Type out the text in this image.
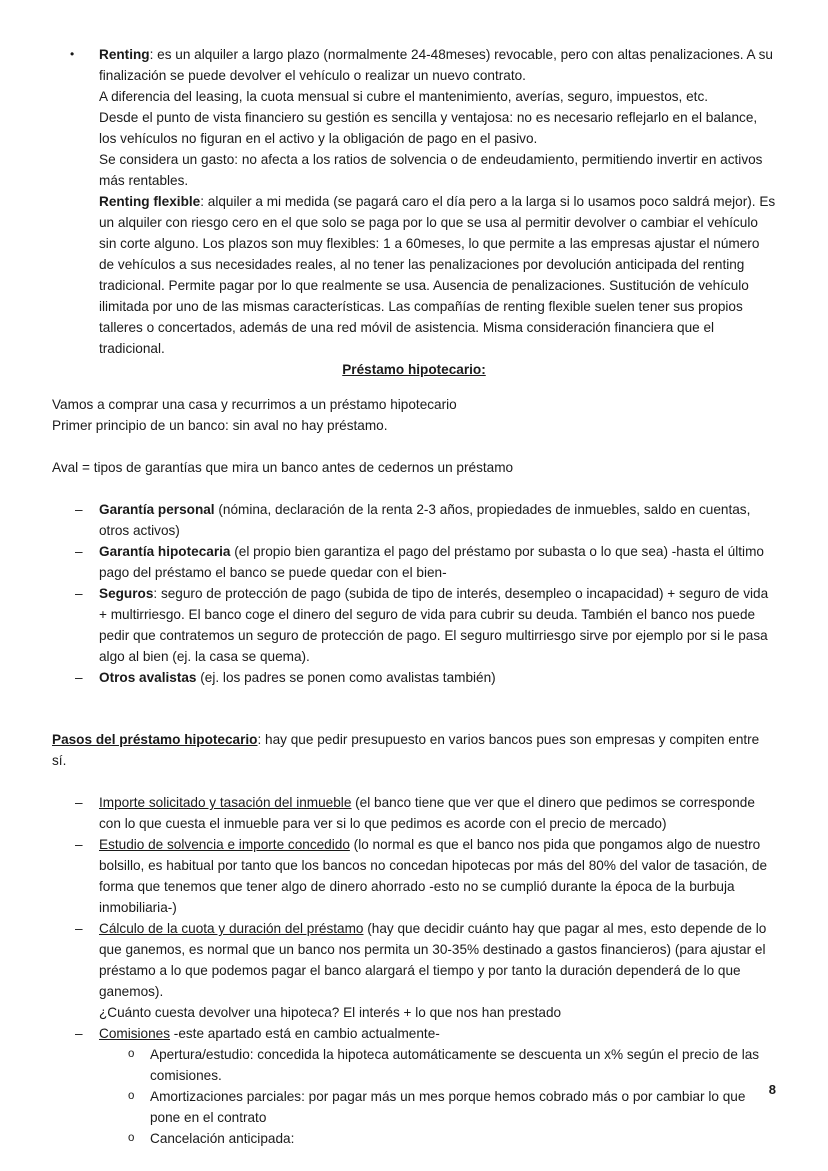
•	Renting: es un alquiler a largo plazo (normalmente 24-48meses) revocable, pero con altas penalizaciones. A su finalización se puede devolver el vehículo o realizar un nuevo contrato.
A diferencia del leasing, la cuota mensual si cubre el mantenimiento, averías, seguro, impuestos, etc.
Desde el punto de vista financiero su gestión es sencilla y ventajosa: no es necesario reflejarlo en el balance, los vehículos no figuran en el activo y la obligación de pago en el pasivo.
Se considera un gasto: no afecta a los ratios de solvencia o de endeudamiento, permitiendo invertir en activos más rentables.
Renting flexible: alquiler a mi medida (se pagará caro el día pero a la larga si lo usamos poco saldrá mejor). Es un alquiler con riesgo cero en el que solo se paga por lo que se usa al permitir devolver o cambiar el vehículo sin corte alguno. Los plazos son muy flexibles: 1 a 60meses, lo que permite a las empresas ajustar el número de vehículos a sus necesidades reales, al no tener las penalizaciones por devolución anticipada del renting tradicional. Permite pagar por lo que realmente se usa. Ausencia de penalizaciones. Sustitución de vehículo ilimitada por uno de las mismas características. Las compañías de renting flexible suelen tener sus propios talleres o concertados, además de una red móvil de asistencia. Misma consideración financiera que el tradicional.
Préstamo hipotecario:
Vamos a comprar una casa y recurrimos a un préstamo hipotecario
Primer principio de un banco: sin aval no hay préstamo.
Aval = tipos de garantías que mira un banco antes de cedernos un préstamo
–	Garantía personal (nómina, declaración de la renta 2-3 años, propiedades de inmuebles, saldo en cuentas, otros activos)
–	Garantía hipotecaria (el propio bien garantiza el pago del préstamo por subasta o lo que sea) -hasta el último pago del préstamo el banco se puede quedar con el bien-
–	Seguros: seguro de protección de pago (subida de tipo de interés, desempleo o incapacidad) + seguro de vida + multirriesgo. El banco coge el dinero del seguro de vida para cubrir su deuda. También el banco nos puede pedir que contratemos un seguro de protección de pago. El seguro multirriesgo sirve por ejemplo por si le pasa algo al bien (ej. la casa se quema).
–	Otros avalistas (ej. los padres se ponen como avalistas también)
Pasos del préstamo hipotecario: hay que pedir presupuesto en varios bancos pues son empresas y compiten entre sí.
–	Importe solicitado y tasación del inmueble (el banco tiene que ver que el dinero que pedimos se corresponde con lo que cuesta el inmueble para ver si lo que pedimos es acorde con el precio de mercado)
–	Estudio de solvencia e importe concedido (lo normal es que el banco nos pida que pongamos algo de nuestro bolsillo, es habitual por tanto que los bancos no concedan hipotecas por más del 80% del valor de tasación, de forma que tenemos que tener algo de dinero ahorrado -esto no se cumplió durante la época de la burbuja inmobiliaria-)
–	Cálculo de la cuota y duración del préstamo (hay que decidir cuánto hay que pagar al mes, esto depende de lo que ganemos, es normal que un banco nos permita un 30-35% destinado a gastos financieros) (para ajustar el préstamo a lo que podemos pagar el banco alargará el tiempo y por tanto la duración dependerá de lo que ganemos).
¿Cuánto cuesta devolver una hipoteca? El interés + lo que nos han prestado
–	Comisiones -este apartado está en cambio actualmente-
o Apertura/estudio: concedida la hipoteca automáticamente se descuenta un x% según el precio de las comisiones.
o Amortizaciones parciales: por pagar más un mes porque hemos cobrado más o por cambiar lo que pone en el contrato
o Cancelación anticipada:
8
